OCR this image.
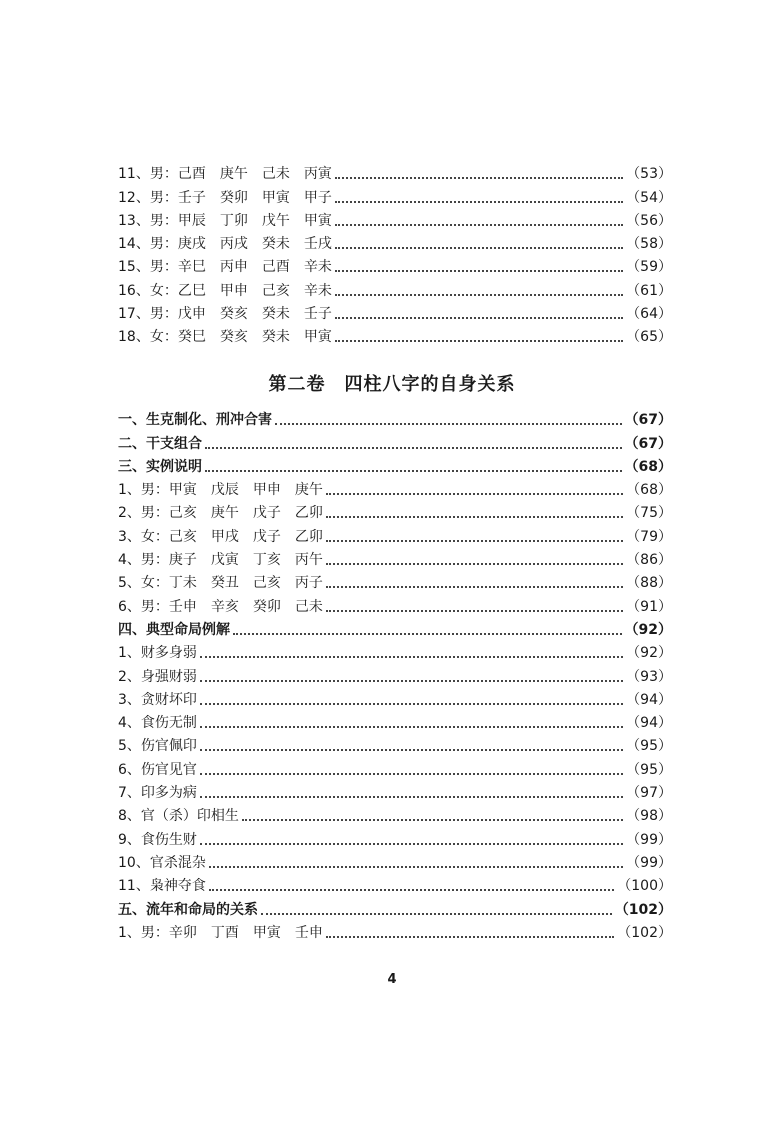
11、男：己酉　庚午　己未　丙寅	（53）
12、男：壬子　癸卯　甲寅　甲子	（54）
13、男：甲辰　丁卯　戊午　甲寅	（56）
14、男：庚戌　丙戌　癸未　壬戌	（58）
15、男：辛巳　丙申　己酉　辛未	（59）
16、女：乙巳　甲申　己亥　辛未	（61）
17、男：戊申　癸亥　癸未　壬子	（64）
18、女：癸巳　癸亥　癸未　甲寅	（65）
第二卷　四柱八字的自身关系
一、生克制化、刑冲合害	（67）
二、干支组合	（67）
三、实例说明	（68）
1、男：甲寅　戊辰　甲申　庚午	（68）
2、男：己亥　庚午　戊子　乙卯	（75）
3、女：己亥　甲戌　戊子　乙卯	（79）
4、男：庚子　戊寅　丁亥　丙午	（86）
5、女：丁未　癸丑　己亥　丙子	（88）
6、男：壬申　辛亥　癸卯　己未	（91）
四、典型命局例解	（92）
1、财多身弱	（92）
2、身强财弱	（93）
3、贪财坏印	（94）
4、食伤无制	（94）
5、伤官佩印	（95）
6、伤官见官	（95）
7、印多为病	（97）
8、官（杀）印相生	（98）
9、食伤生财	（99）
10、官杀混杂	（99）
11、枭神夺食	（100）
五、流年和命局的关系	（102）
1、男：辛卯　丁酉　甲寅　壬申	（102）
4
